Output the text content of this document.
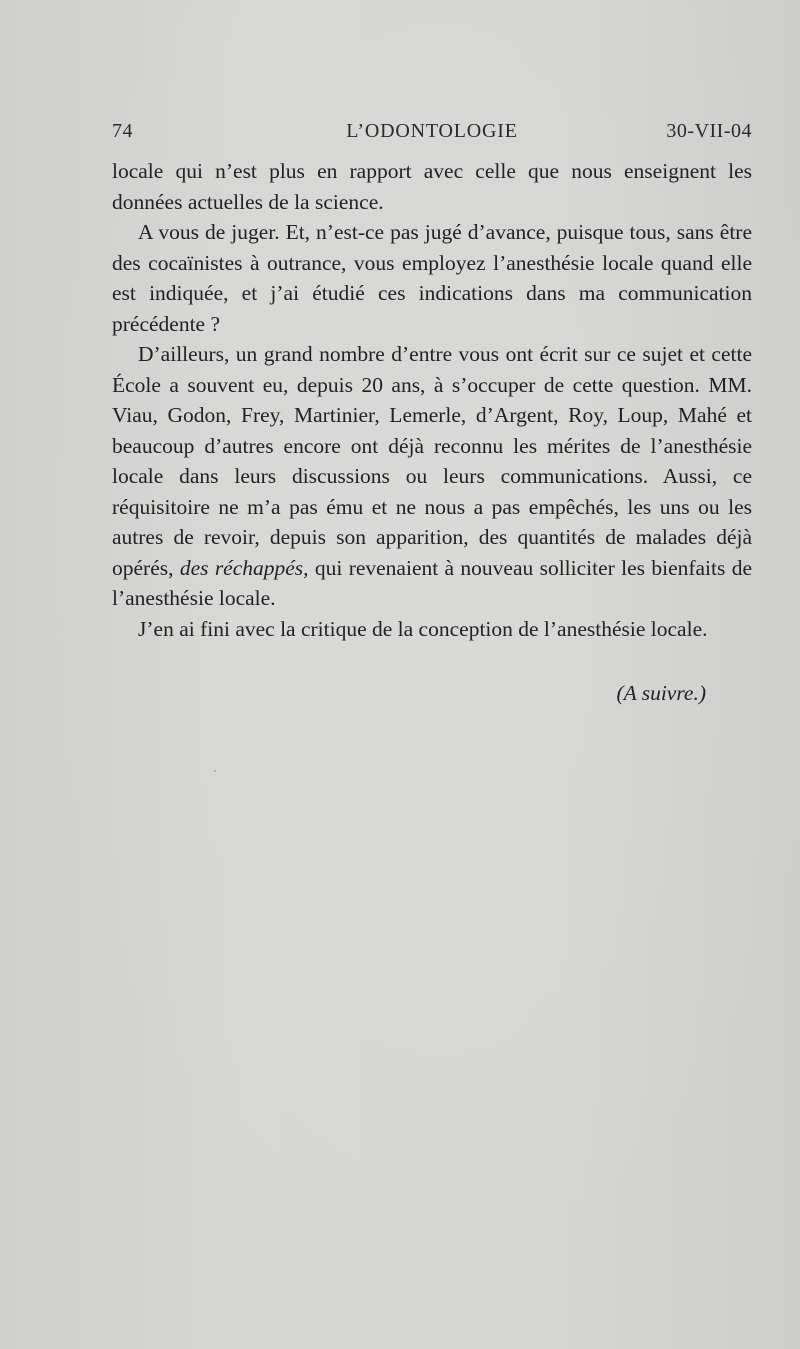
74	L’ODONTOLOGIE	30-VII-04

locale qui n’est plus en rapport avec celle que nous enseignent les données actuelles de la science.

A vous de juger. Et, n’est-ce pas jugé d’avance, puisque tous, sans être des cocaïnistes à outrance, vous employez l’anesthésie locale quand elle est indiquée, et j’ai étudié ces indications dans ma communication précédente ?

D’ailleurs, un grand nombre d’entre vous ont écrit sur ce sujet et cette École a souvent eu, depuis 20 ans, à s’occuper de cette question. MM. Viau, Godon, Frey, Martinier, Lemerle, d’Argent, Roy, Loup, Mahé et beaucoup d’autres encore ont déjà reconnu les mérites de l’anesthésie locale dans leurs discussions ou leurs communications. Aussi, ce réquisitoire ne m’a pas ému et ne nous a pas empêchés, les uns ou les autres de revoir, depuis son apparition, des quantités de malades déjà opérés, des réchappés, qui revenaient à nouveau solliciter les bienfaits de l’anesthésie locale.

J’en ai fini avec la critique de la conception de l’anesthésie locale.

(A suivre.)
